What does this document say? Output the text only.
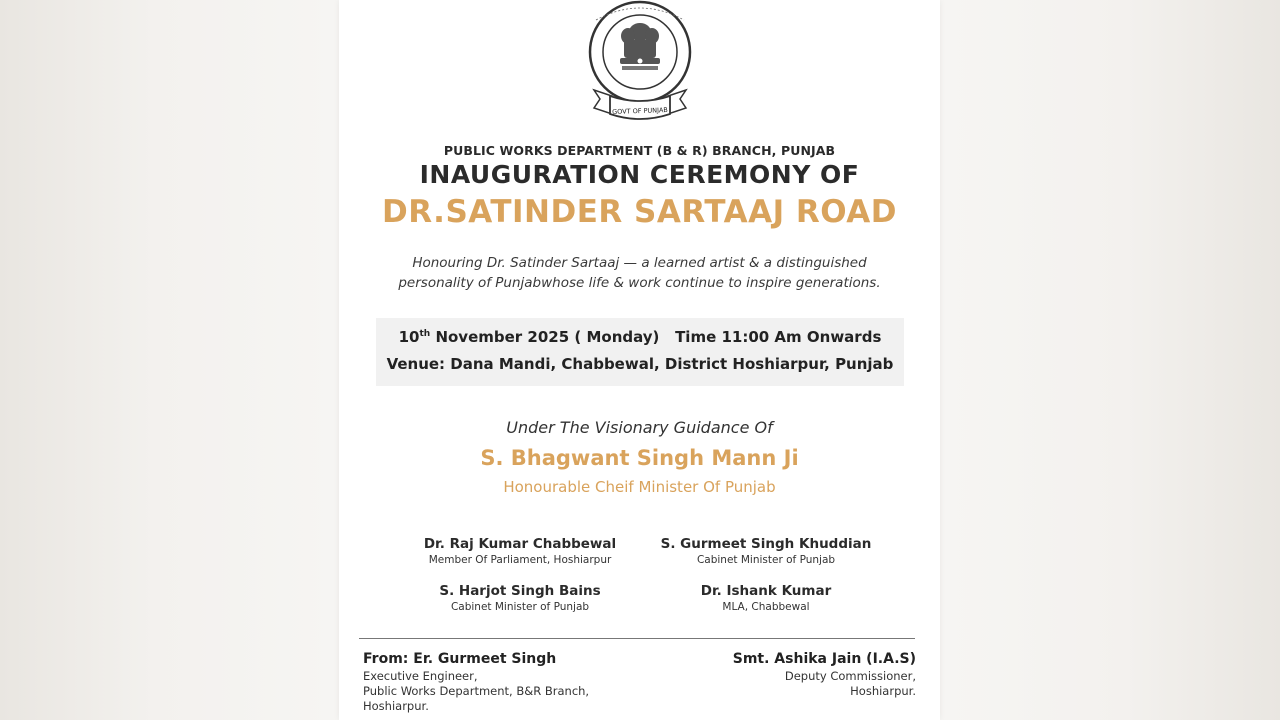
GOVT OF PUNJAB
PUBLIC WORKS DEPARTMENT (B & R) BRANCH, PUNJAB
INAUGURATION CEREMONY OF
DR.SATINDER SARTAAJ ROAD
Honouring Dr. Satinder Sartaaj — a learned artist & a distinguished
personality of Punjabwhose life & work continue to inspire generations.
10th November 2025 ( Monday)   Time 11:00 Am Onwards
Venue: Dana Mandi, Chabbewal, District Hoshiarpur, Punjab
Under The Visionary Guidance Of
S. Bhagwant Singh Mann Ji
Honourable Cheif Minister Of Punjab
Dr. Raj Kumar Chabbewal
Member Of Parliament, Hoshiarpur
S. Gurmeet Singh Khuddian
Cabinet Minister of Punjab
S. Harjot Singh Bains
Cabinet Minister of Punjab
Dr. Ishank Kumar
MLA, Chabbewal
From: Er. Gurmeet Singh
Executive Engineer,
Public Works Department, B&R Branch,
Hoshiarpur.
Smt. Ashika Jain (I.A.S)
Deputy Commissioner,
Hoshiarpur.
